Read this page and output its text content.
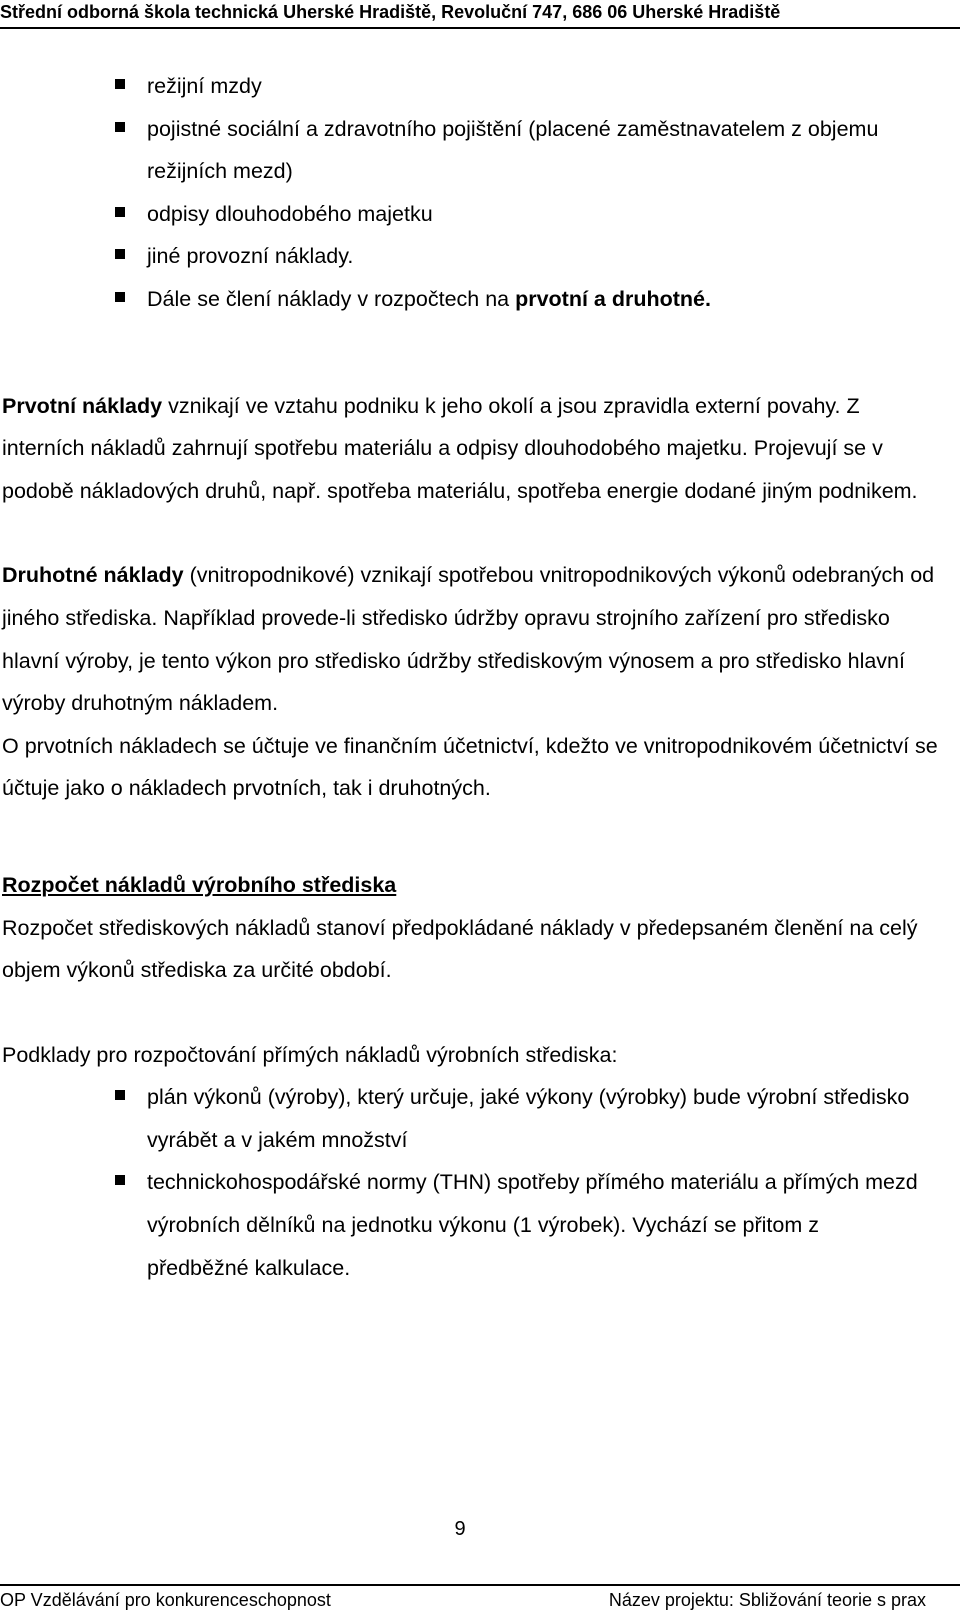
Střední odborná škola technická Uherské Hradiště, Revoluční 747, 686 06 Uherské Hradiště
režijní mzdy
pojistné sociální a zdravotního pojištění (placené zaměstnavatelem z objemu režijních mezd)
odpisy dlouhodobého majetku
jiné provozní náklady.
Dále se člení náklady v rozpočtech na prvotní a druhotné.

Prvotní náklady vznikají ve vztahu podniku k jeho okolí a jsou zpravidla externí povahy. Z interních nákladů zahrnují spotřebu materiálu a odpisy dlouhodobého majetku. Projevují se v podobě nákladových druhů, např. spotřeba materiálu, spotřeba energie dodané jiným podnikem.

Druhotné náklady (vnitropodnikové) vznikají spotřebou vnitropodnikových výkonů odebraných od jiného střediska. Například provede-li středisko údržby opravu strojního zařízení pro středisko hlavní výroby, je tento výkon pro středisko údržby střediskovým výnosem a pro středisko hlavní výroby druhotným nákladem.

O prvotních nákladech se účtuje ve finančním účetnictví, kdežto ve vnitropodnikovém účetnictví se účtuje jako o nákladech prvotních, tak i druhotných.

Rozpočet nákladů výrobního střediska

Rozpočet střediskových nákladů stanoví předpokládané náklady v předepsaném členění na celý objem výkonů střediska za určité období.

Podklady pro rozpočtování přímých nákladů výrobních střediska:

plán výkonů (výroby), který určuje, jaké výkony (výrobky) bude výrobní středisko vyrábět a v jakém množství
technickohospodářské normy (THN) spotřeby přímého materiálu a přímých mezd výrobních dělníků na jednotku výkonu (1 výrobek). Vychází se přitom z předběžné kalkulace.
9
OP Vzdělávání pro konkurenceschopnost	Název projektu: Sbližování teorie s prax
